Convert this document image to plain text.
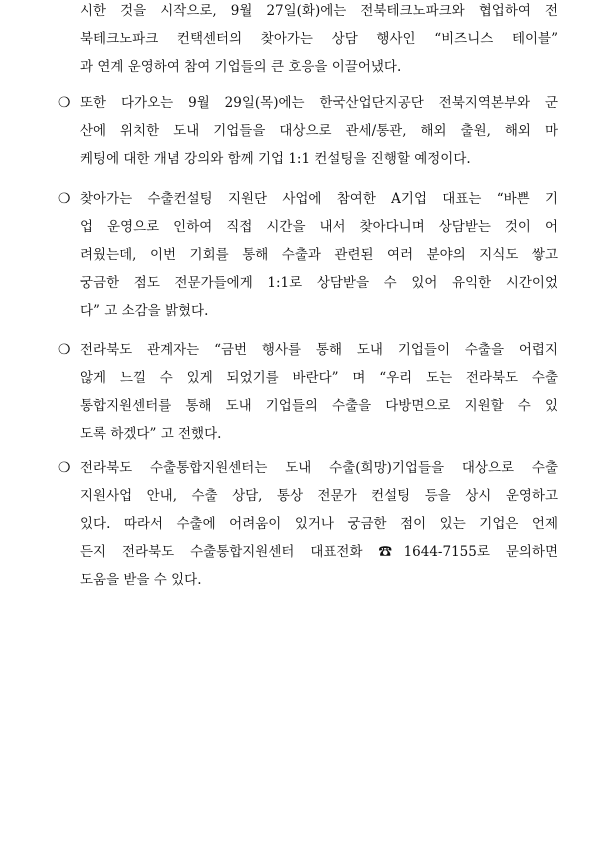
시한 것을 시작으로, 9월 27일(화)에는 전북테크노파크와 협업하여 전
북테크노파크 컨택센터의 찾아가는 상담 행사인 “비즈니스 테이블”
과 연계 운영하여 참여 기업들의 큰 호응을 이끌어냈다.
❍ 또한 다가오는 9월 29일(목)에는 한국산업단지공단 전북지역본부와 군
산에 위치한 도내 기업들을 대상으로 관세/통관, 해외 출원, 해외 마
케팅에 대한 개념 강의와 함께 기업 1:1 컨설팅을 진행할 예정이다.
❍ 찾아가는 수출컨설팅 지원단 사업에 참여한 A기업 대표는 “바쁜 기
업 운영으로 인하여 직접 시간을 내서 찾아다니며 상담받는 것이 어
려웠는데, 이번 기회를 통해 수출과 관련된 여러 분야의 지식도 쌓고
궁금한 점도 전문가들에게 1:1로 상담받을 수 있어 유익한 시간이었
다” 고 소감을 밝혔다.
❍ 전라북도 관계자는 “금번 행사를 통해 도내 기업들이 수출을 어렵지
않게 느낄 수 있게 되었기를 바란다” 며 “우리 도는 전라북도 수출
통합지원센터를 통해 도내 기업들의 수출을 다방면으로 지원할 수 있
도록 하겠다” 고 전했다.
❍ 전라북도 수출통합지원센터는 도내 수출(희망)기업들을 대상으로 수출
지원사업 안내, 수출 상담, 통상 전문가 컨설팅 등을 상시 운영하고
있다. 따라서 수출에 어려움이 있거나 궁금한 점이 있는 기업은 언제
든지 전라북도 수출통합지원센터 대표전화 ☎1644-7155로 문의하면
도움을 받을 수 있다.
